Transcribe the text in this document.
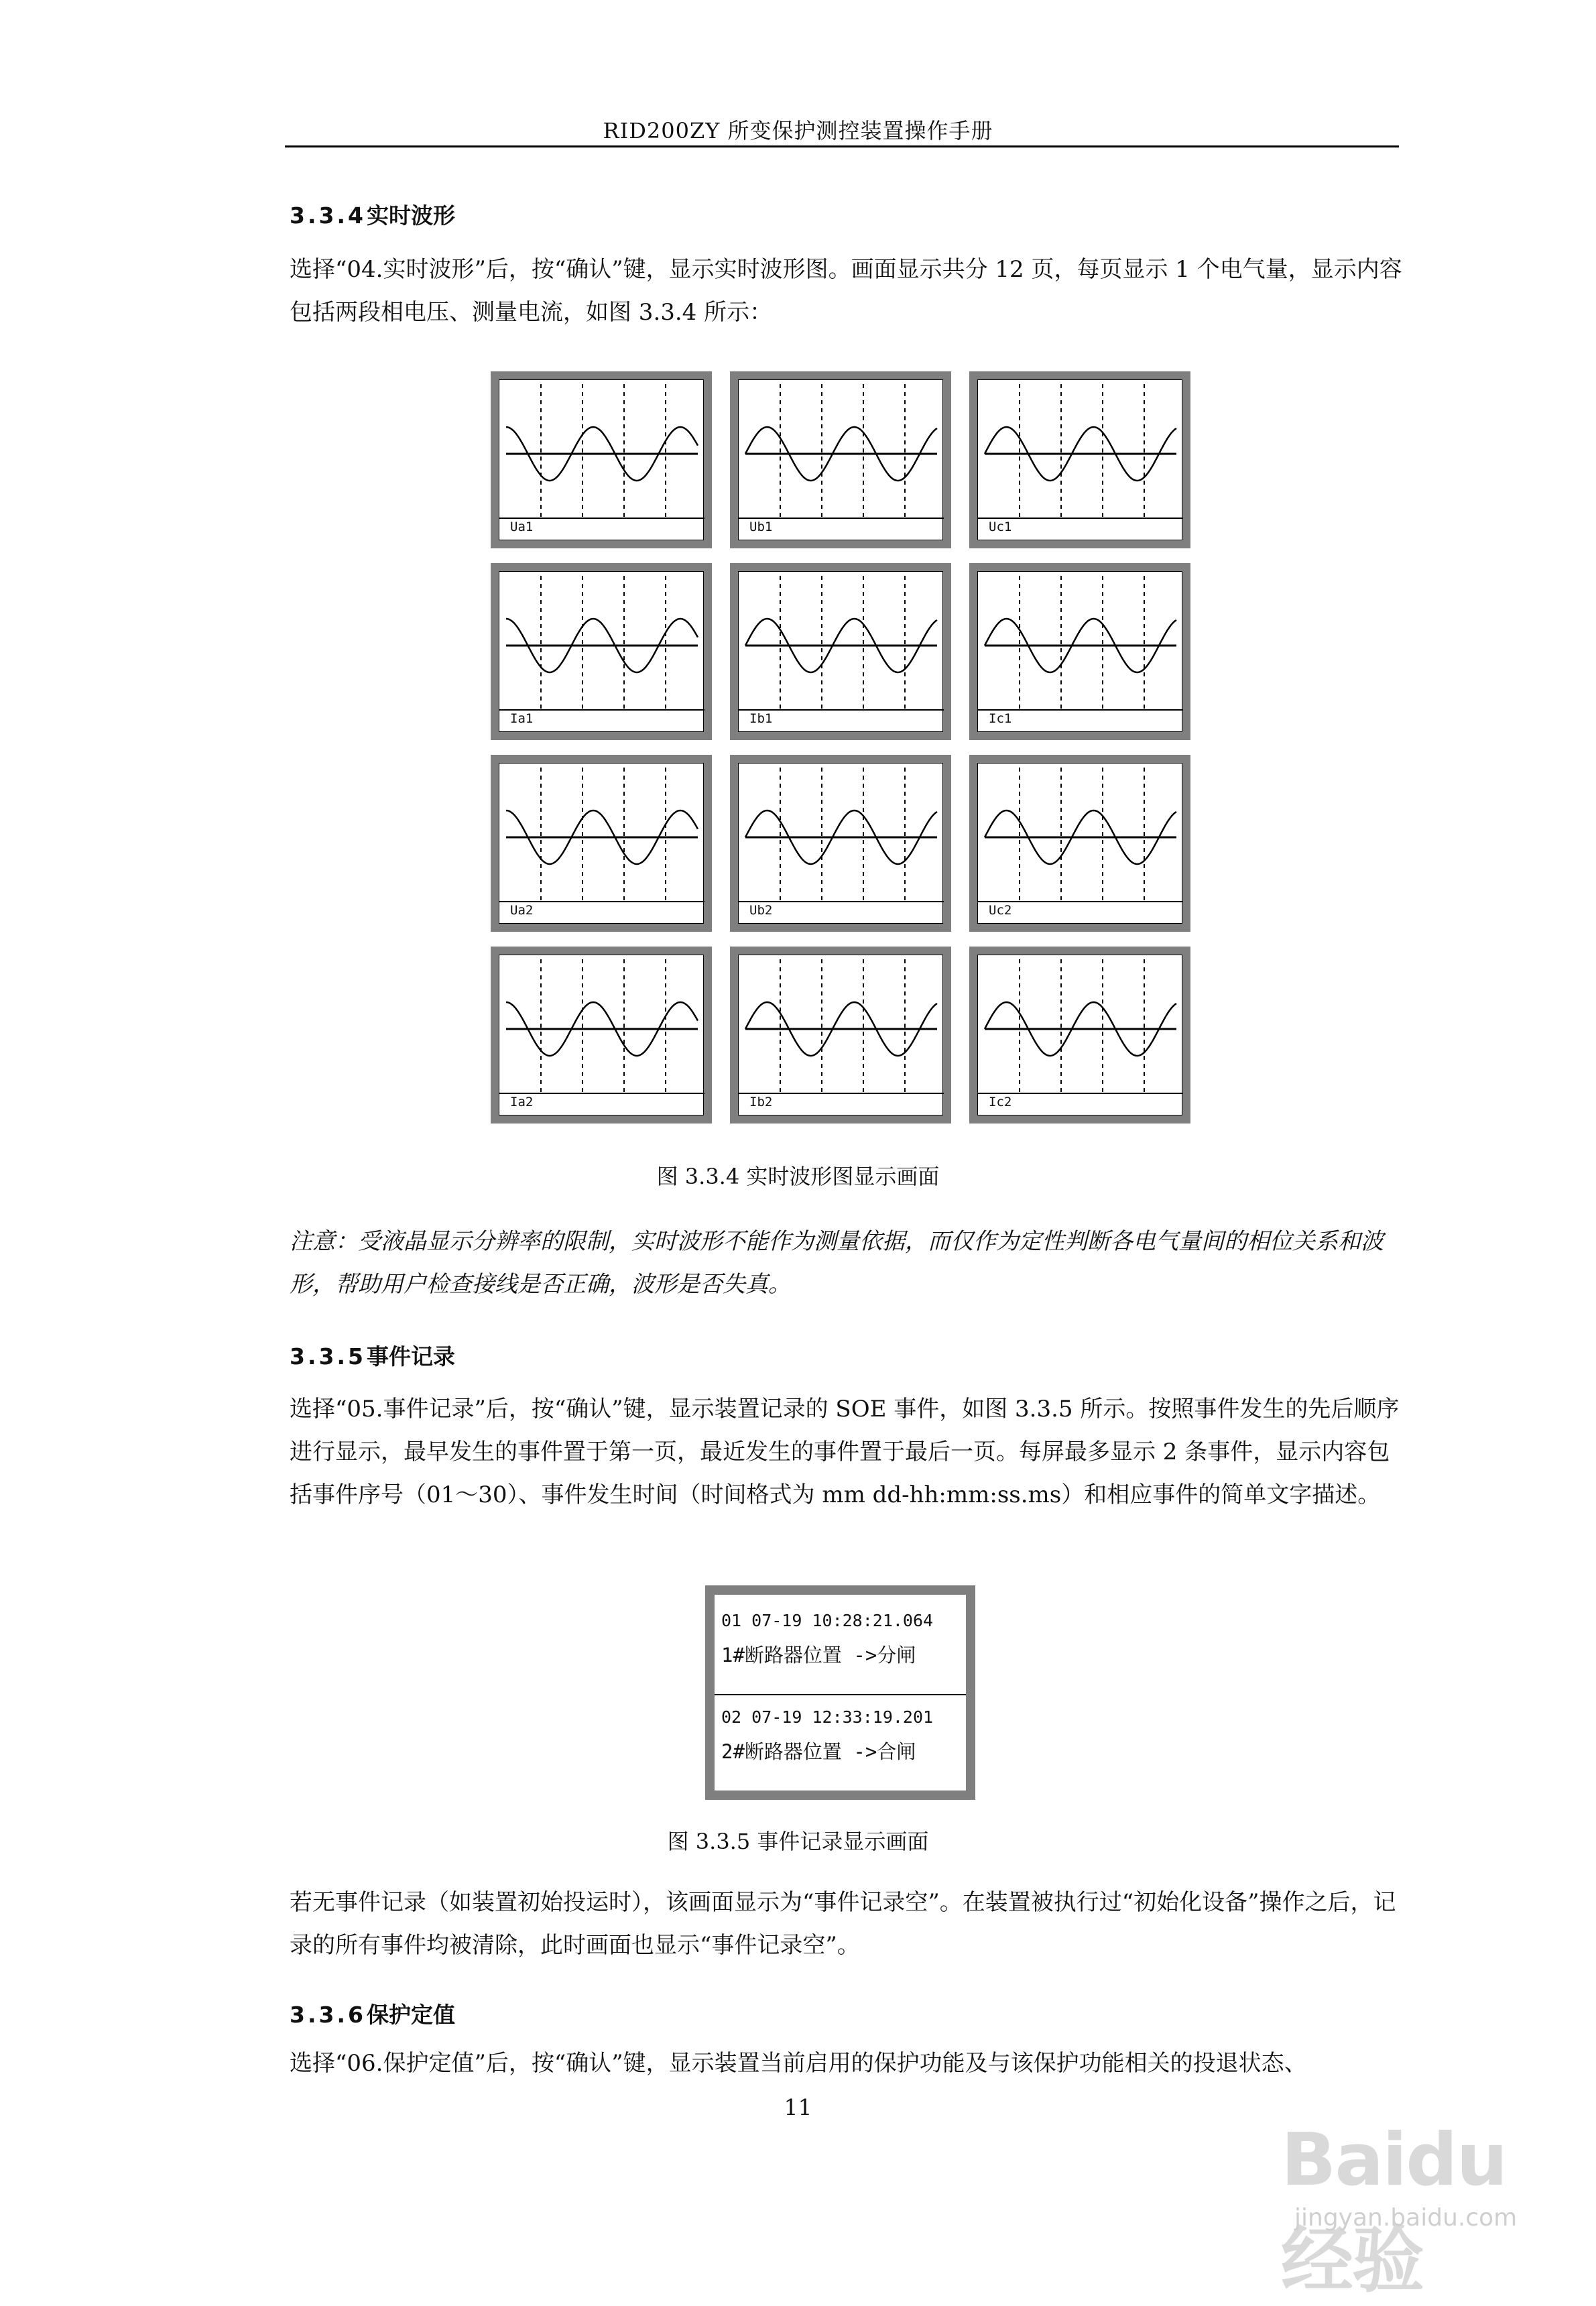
RID200ZY 所变保护测控装置操作手册
3.3.4实时波形
选择“04.实时波形”后，按“确认”键，显示实时波形图。画面显示共分 12 页，每页显示 1 个电气量，显示内容包括两段相电压、测量电流，如图 3.3.4 所示：
Ua1	Ub1	Uc1
Ia1	Ib1	Ic1
Ua2	Ub2	Uc2
Ia2	Ib2	Ic2
图 3.3.4 实时波形图显示画面
注意：受液晶显示分辨率的限制，实时波形不能作为测量依据，而仅作为定性判断各电气量间的相位关系和波形，帮助用户检查接线是否正确，波形是否失真。
3.3.5事件记录
选择“05.事件记录”后，按“确认”键，显示装置记录的 SOE 事件，如图 3.3.5 所示。按照事件发生的先后顺序进行显示，最早发生的事件置于第一页，最近发生的事件置于最后一页。每屏最多显示 2 条事件，显示内容包括事件序号（01～30）、事件发生时间（时间格式为 mm dd-hh:mm:ss.ms）和相应事件的简单文字描述。
01 07-19 10:28:21.064
1#断路器位置 ->分闸
02 07-19 12:33:19.201
2#断路器位置 ->合闸
图 3.3.5 事件记录显示画面
若无事件记录（如装置初始投运时），该画面显示为“事件记录空”。在装置被执行过“初始化设备”操作之后，记录的所有事件均被清除，此时画面也显示“事件记录空”。
3.3.6保护定值
选择“06.保护定值”后，按“确认”键，显示装置当前启用的保护功能及与该保护功能相关的投退状态、
11
Baidu经验
jingyan.baidu.com
